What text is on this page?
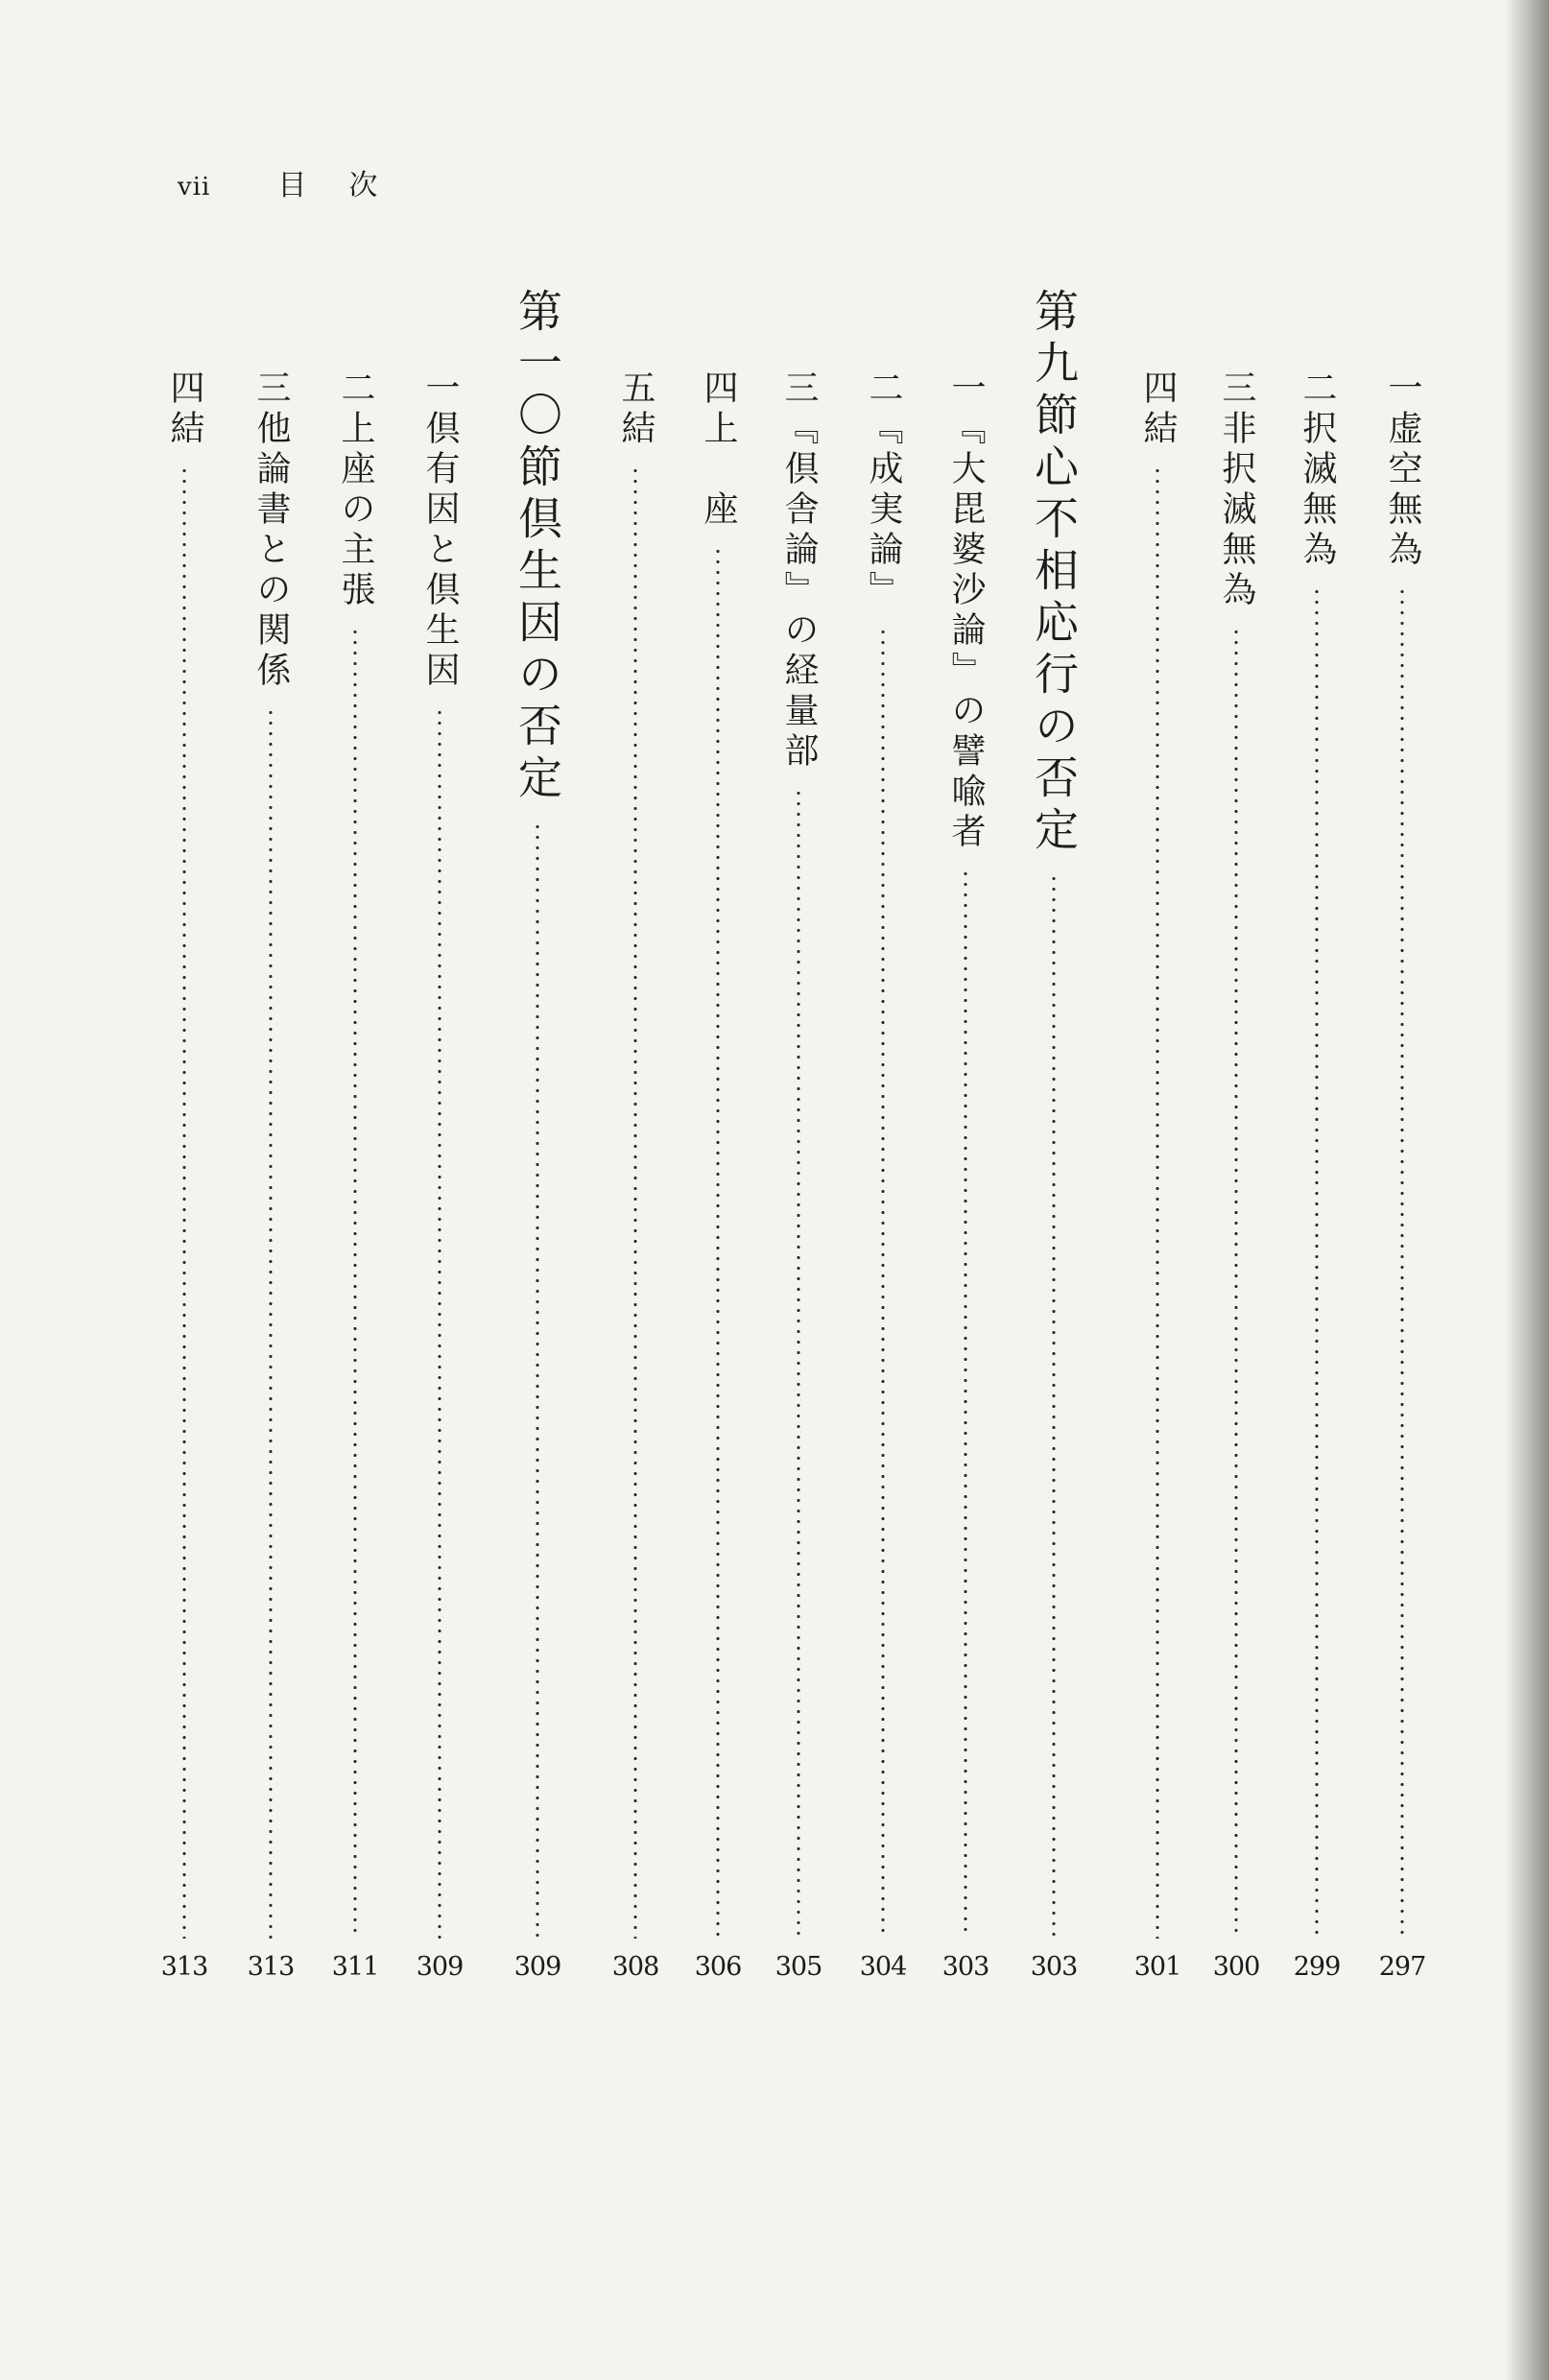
vii 目次
一虚空無為
297
二択滅無為
299
三非択滅無為
300
四結
301
第九節心不相応行の否定
303
一『大毘婆沙論』の譬喩者
303
二『成実論』
304
三『倶舎論』の経量部
305
四上　座
306
五結
308
第一〇節倶生因の否定
309
一倶有因と倶生因
309
二上座の主張
311
三他論書との関係
313
四結
313
